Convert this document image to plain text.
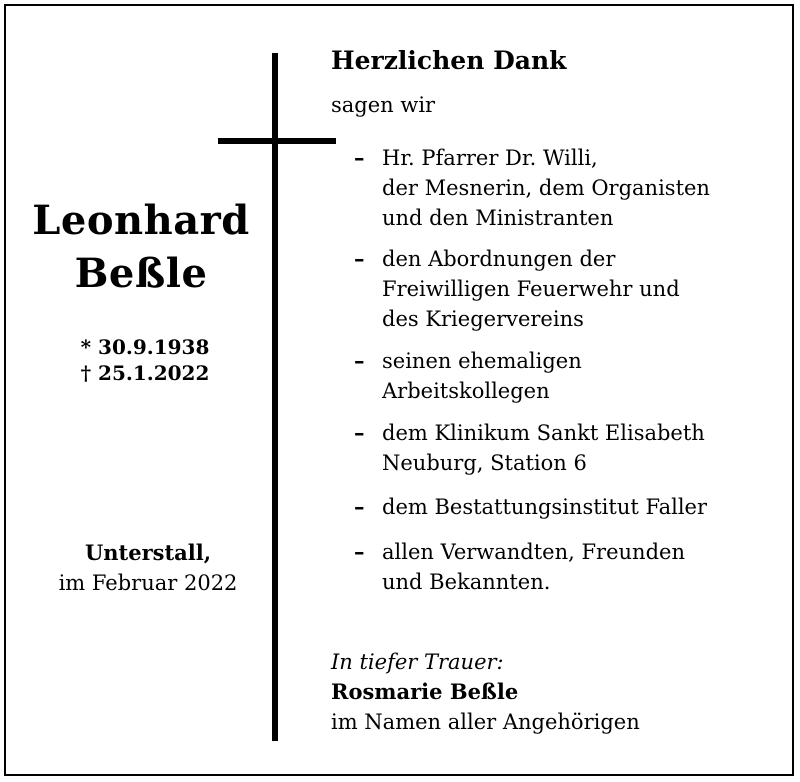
Leonhard
Beßle
* 30.9.1938
† 25.1.2022
Unterstall,
im Februar 2022
Herzlichen Dank
sagen wir
– Hr. Pfarrer Dr. Willi,
der Mesnerin, dem Organisten
und den Ministranten
– den Abordnungen der
Freiwilligen Feuerwehr und
des Kriegervereins
– seinen ehemaligen
Arbeitskollegen
– dem Klinikum Sankt Elisabeth
Neuburg, Station 6
– dem Bestattungsinstitut Faller
– allen Verwandten, Freunden
und Bekannten.
In tiefer Trauer:
Rosmarie Beßle
im Namen aller Angehörigen
